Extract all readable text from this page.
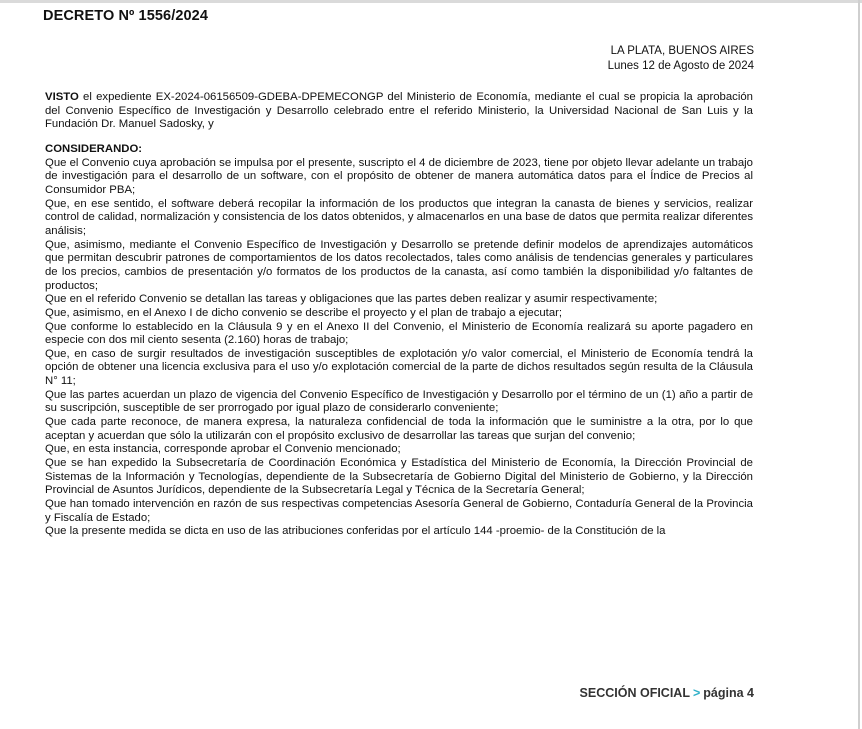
DECRETO Nº 1556/2024
LA PLATA, BUENOS AIRES
Lunes 12 de Agosto de 2024

VISTO el expediente EX-2024-06156509-GDEBA-DPEMECONGP del Ministerio de Economía, mediante el cual se propicia la aprobación del Convenio Específico de Investigación y Desarrollo celebrado entre el referido Ministerio, la Universidad Nacional de San Luis y la Fundación Dr. Manuel Sadosky, y

CONSIDERANDO:

Que el Convenio cuya aprobación se impulsa por el presente, suscripto el 4 de diciembre de 2023, tiene por objeto llevar adelante un trabajo de investigación para el desarrollo de un software, con el propósito de obtener de manera automática datos para el Índice de Precios al Consumidor PBA;

Que, en ese sentido, el software deberá recopilar la información de los productos que integran la canasta de bienes y servicios, realizar control de calidad, normalización y consistencia de los datos obtenidos, y almacenarlos en una base de datos que permita realizar diferentes análisis;

Que, asimismo, mediante el Convenio Específico de Investigación y Desarrollo se pretende definir modelos de aprendizajes automáticos que permitan descubrir patrones de comportamientos de los datos recolectados, tales como análisis de tendencias generales y particulares de los precios, cambios de presentación y/o formatos de los productos de la canasta, así como también la disponibilidad y/o faltantes de productos;

Que en el referido Convenio se detallan las tareas y obligaciones que las partes deben realizar y asumir respectivamente;

Que, asimismo, en el Anexo I de dicho convenio se describe el proyecto y el plan de trabajo a ejecutar;

Que conforme lo establecido en la Cláusula 9 y en el Anexo II del Convenio, el Ministerio de Economía realizará su aporte pagadero en especie con dos mil ciento sesenta (2.160) horas de trabajo;

Que, en caso de surgir resultados de investigación susceptibles de explotación y/o valor comercial, el Ministerio de Economía tendrá la opción de obtener una licencia exclusiva para el uso y/o explotación comercial de la parte de dichos resultados según resulta de la Cláusula N° 11;

Que las partes acuerdan un plazo de vigencia del Convenio Específico de Investigación y Desarrollo por el término de un (1) año a partir de su suscripción, susceptible de ser prorrogado por igual plazo de considerarlo conveniente;

Que cada parte reconoce, de manera expresa, la naturaleza confidencial de toda la información que le suministre a la otra, por lo que aceptan y acuerdan que sólo la utilizarán con el propósito exclusivo de desarrollar las tareas que surjan del convenio;

Que, en esta instancia, corresponde aprobar el Convenio mencionado;

Que se han expedido la Subsecretaría de Coordinación Económica y Estadística del Ministerio de Economía, la Dirección Provincial de Sistemas de la Información y Tecnologías, dependiente de la Subsecretaría de Gobierno Digital del Ministerio de Gobierno, y la Dirección Provincial de Asuntos Jurídicos, dependiente de la Subsecretaría Legal y Técnica de la Secretaría General;

Que han tomado intervención en razón de sus respectivas competencias Asesoría General de Gobierno, Contaduría General de la Provincia y Fiscalía de Estado;

Que la presente medida se dicta en uso de las atribuciones conferidas por el artículo 144 -proemio- de la Constitución de la

SECCIÓN OFICIAL > página 4
